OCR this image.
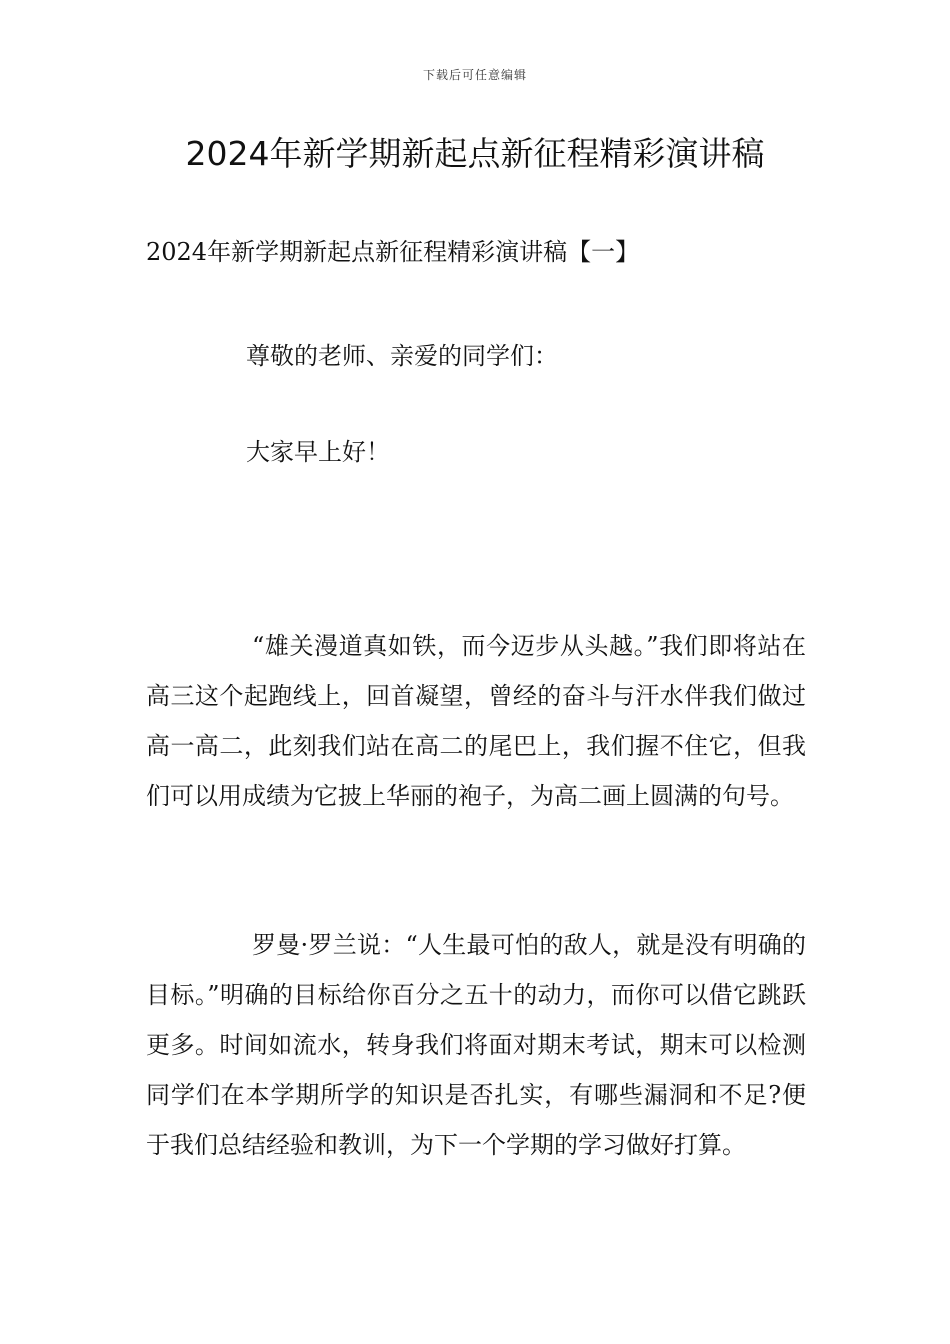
下载后可任意编辑
2024年新学期新起点新征程精彩演讲稿

2024年新学期新起点新征程精彩演讲稿【一】

尊敬的老师、亲爱的同学们：

大家早上好！

“雄关漫道真如铁，而今迈步从头越。”我们即将站在高三这个起跑线上，回首凝望，曾经的奋斗与汗水伴我们做过高一高二，此刻我们站在高二的尾巴上，我们握不住它，但我们可以用成绩为它披上华丽的袍子，为高二画上圆满的句号。

罗曼·罗兰说：“人生最可怕的敌人，就是没有明确的目标。”明确的目标给你百分之五十的动力，而你可以借它跳跃更多。时间如流水，转身我们将面对期末考试，期末可以检测同学们在本学期所学的知识是否扎实，有哪些漏洞和不足?便于我们总结经验和教训，为下一个学期的学习做好打算。
